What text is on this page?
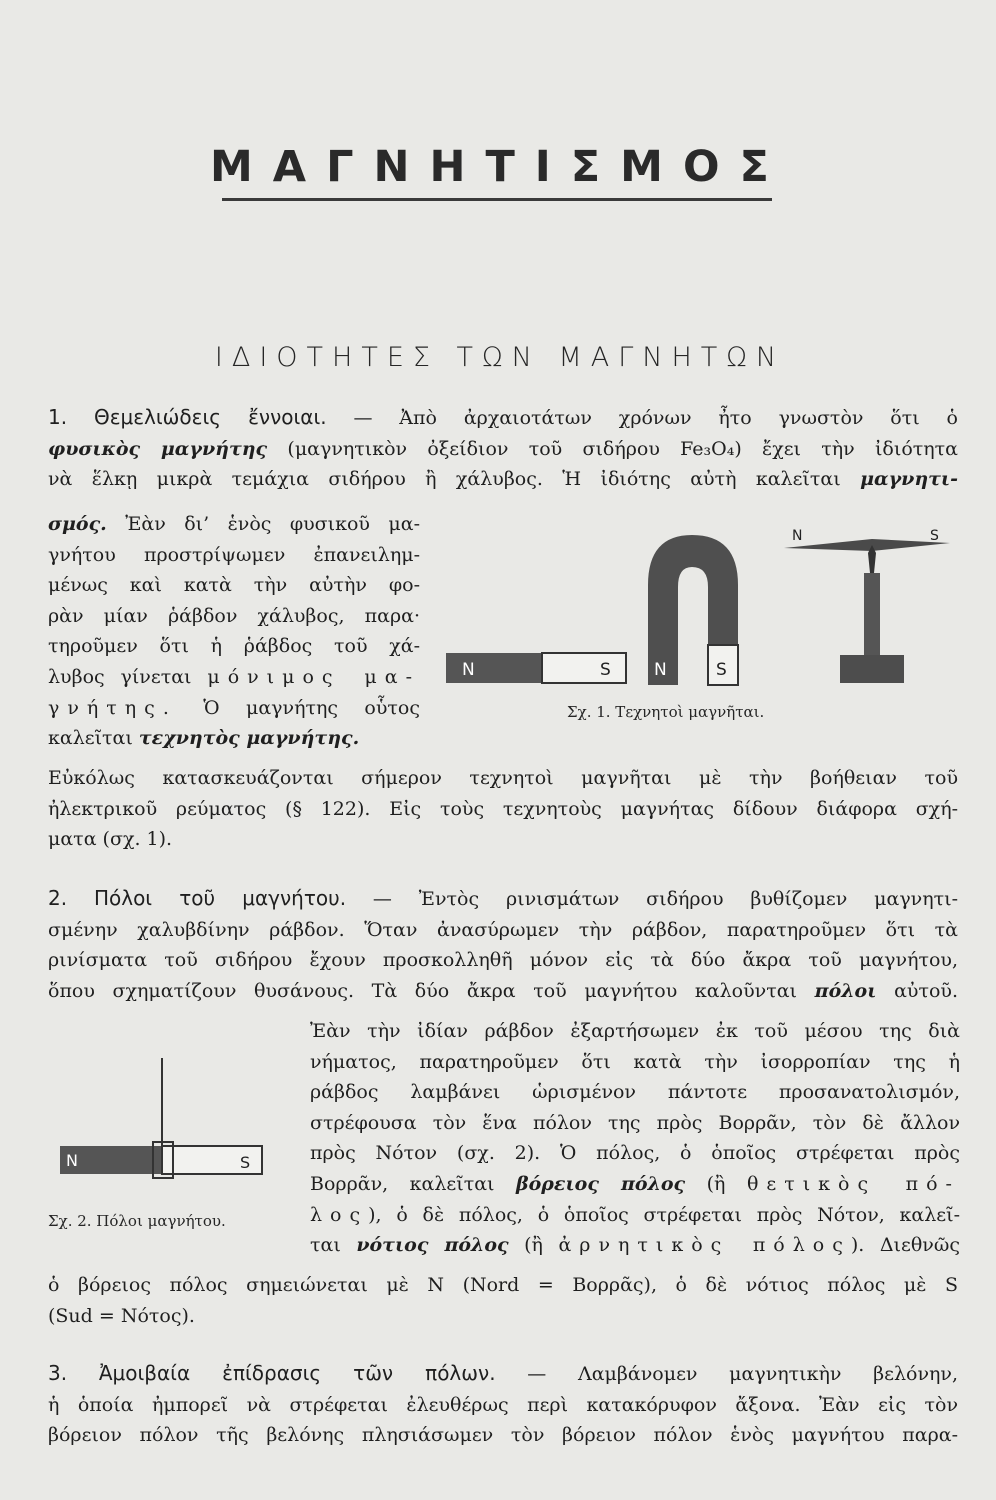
ΜΑΓΝΗΤΙΣΜΟΣ
ΙΔΙΟΤΗΤΕΣ ΤΩΝ ΜΑΓΝΗΤΩΝ
1. Θεμελιώδεις ἔννοιαι. — Ἀπὸ ἀρχαιοτάτων χρόνων ἦτο γνωστὸν ὅτι ὁ
φυσικὸς μαγνήτης (μαγνητικὸν ὀξείδιον τοῦ σιδήρου Fe₃O₄) ἔχει τὴν ἰδιότητα
νὰ ἕλκῃ μικρὰ τεμάχια σιδήρου ἢ χάλυβος. Ἡ ἰδιότης αὐτὴ καλεῖται μαγνητι-
σμός. Ἐὰν δι’ ἑνὸς φυσικοῦ μα-
γνήτου προστρίψωμεν ἐπανειλημ-
μένως καὶ κατὰ τὴν αὐτὴν φο-
ρὰν μίαν ῥάβδον χάλυβος, παρα·
τηροῦμεν ὅτι ἡ ῥάβδος τοῦ χά-
λυβος γίνεται μόνιμος μα-
γνήτης. Ὁ μαγνήτης οὗτος
καλεῖται τεχνητὸς μαγνήτης.
N	S	N	S
N	S
Σχ. 1. Τεχνητοὶ μαγνῆται.
Εὐκόλως κατασκευάζονται σήμερον τεχνητοὶ μαγνῆται μὲ τὴν βοήθειαν τοῦ
ἠλεκτρικοῦ ρεύματος (§ 122). Εἰς τοὺς τεχνητοὺς μαγνήτας δίδουν διάφορα σχή-
ματα (σχ. 1).
2. Πόλοι τοῦ μαγνήτου. — Ἐντὸς ρινισμάτων σιδήρου βυθίζομεν μαγνητι-
σμένην χαλυβδίνην ράβδον. Ὅταν ἀνασύρωμεν τὴν ράβδον, παρατηροῦμεν ὅτι τὰ
ρινίσματα τοῦ σιδήρου ἔχουν προσκολληθῆ μόνον εἰς τὰ δύο ἄκρα τοῦ μαγνήτου,
ὅπου σχηματίζουν θυσάνους. Τὰ δύο ἄκρα τοῦ μαγνήτου καλοῦνται πόλοι αὐτοῦ.
Ἐὰν τὴν ἰδίαν ράβδον ἐξαρτήσωμεν ἐκ τοῦ μέσου της διὰ
νήματος, παρατηροῦμεν ὅτι κατὰ τὴν ἰσορροπίαν της ἡ
ράβδος λαμβάνει ὡρισμένον πάντοτε προσανατολισμόν,
στρέφουσα τὸν ἕνα πόλον της πρὸς Βορρᾶν, τὸν δὲ ἄλλον
πρὸς Νότον (σχ. 2). Ὁ πόλος, ὁ ὁποῖος στρέφεται πρὸς
Βορρᾶν, καλεῖται βόρειος πόλος (ἢ θετικὸς πό-
λος), ὁ δὲ πόλος, ὁ ὁποῖος στρέφεται πρὸς Νότον, καλεῖ-
ται νότιος πόλος (ἢ ἀρνητικὸς πόλος). Διεθνῶς
N	S
Σχ. 2. Πόλοι μαγνήτου.
ὁ βόρειος πόλος σημειώνεται μὲ N (Nord = Βορρᾶς), ὁ δὲ νότιος πόλος μὲ S
(Sud = Νότος).
3. Ἀμοιβαία ἐπίδρασις τῶν πόλων. — Λαμβάνομεν μαγνητικὴν βελόνην,
ἡ ὁποία ἠμπορεῖ νὰ στρέφεται ἐλευθέρως περὶ κατακόρυφον ἄξονα. Ἐὰν εἰς τὸν
βόρειον πόλον τῆς βελόνης πλησιάσωμεν τὸν βόρειον πόλον ἑνὸς μαγνήτου παρα-
